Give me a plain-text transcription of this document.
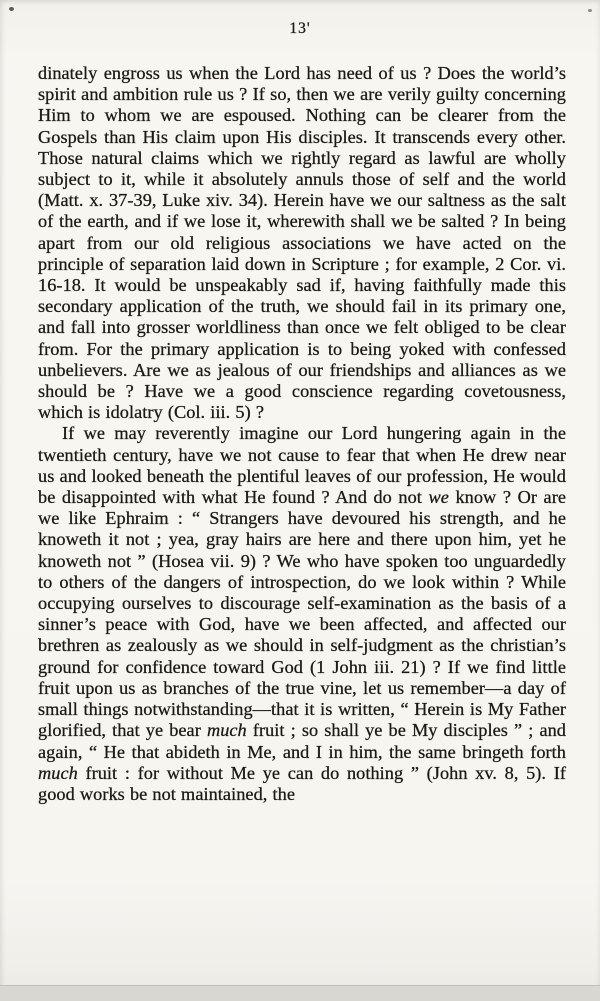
13'

dinately engross us when the Lord has need of us ? Does the world’s spirit and ambition rule us ? If so, then we are verily guilty concerning Him to whom we are espoused. Nothing can be clearer from the Gospels than His claim upon His disciples. It transcends every other. Those natural claims which we rightly regard as lawful are wholly subject to it, while it absolutely annuls those of self and the world (Matt. x. 37-39, Luke xiv. 34). Herein have we our saltness as the salt of the earth, and if we lose it, wherewith shall we be salted ? In being apart from our old religious associations we have acted on the principle of separation laid down in Scripture ; for example, 2 Cor. vi. 16-18. It would be unspeakably sad if, having faithfully made this secondary application of the truth, we should fail in its primary one, and fall into grosser worldliness than once we felt obliged to be clear from. For the primary application is to being yoked with confessed unbelievers. Are we as jealous of our friendships and alliances as we should be ? Have we a good conscience regarding covetousness, which is idolatry (Col. iii. 5) ?

If we may reverently imagine our Lord hungering again in the twentieth century, have we not cause to fear that when He drew near us and looked beneath the plentiful leaves of our profession, He would be disappointed with what He found ? And do not we know ? Or are we like Ephraim : “ Strangers have devoured his strength, and he knoweth it not ; yea, gray hairs are here and there upon him, yet he knoweth not ” (Hosea vii. 9) ? We who have spoken too unguardedly to others of the dangers of introspection, do we look within ? While occupying ourselves to discourage self-examination as the basis of a sinner’s peace with God, have we been affected, and affected our brethren as zealously as we should in self-judgment as the christian’s ground for confidence toward God (1 John iii. 21) ? If we find little fruit upon us as branches of the true vine, let us remember—a day of small things notwithstanding—that it is written, “ Herein is My Father glorified, that ye bear much fruit ; so shall ye be My disciples ” ; and again, “ He that abideth in Me, and I in him, the same bringeth forth much fruit : for without Me ye can do nothing ” (John xv. 8, 5). If good works be not maintained, the
